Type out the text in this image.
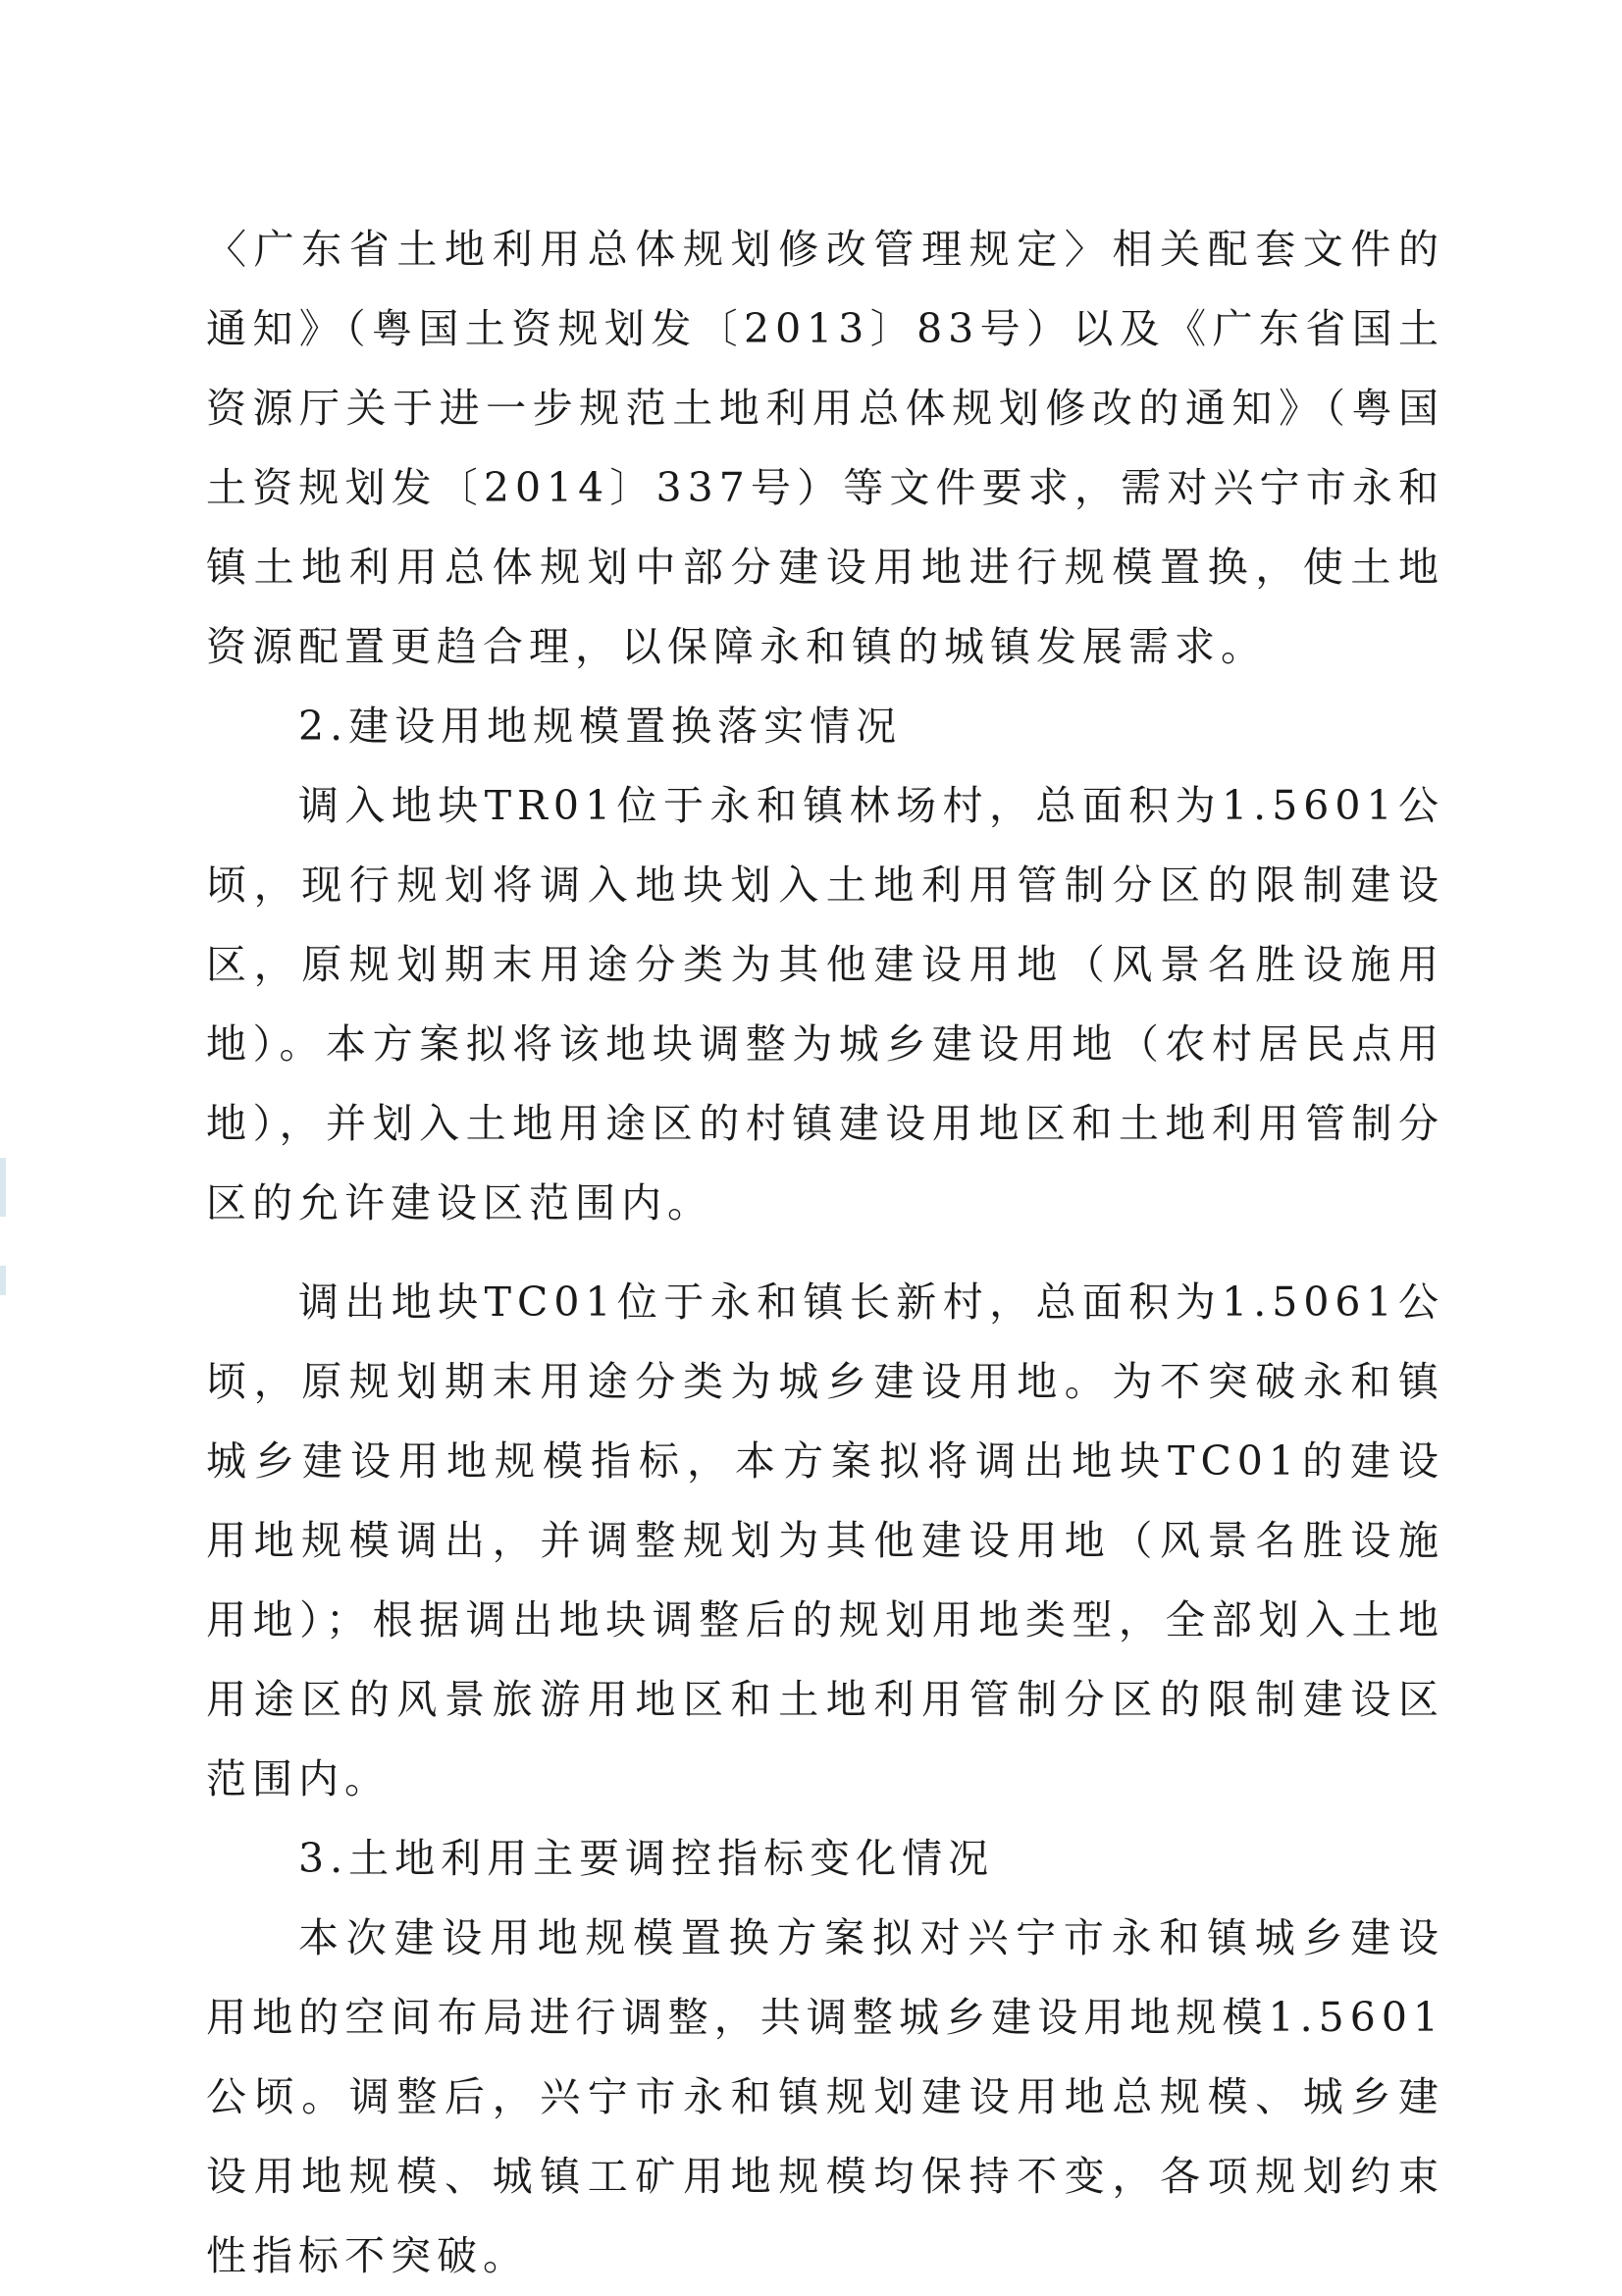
〈广东省土地利用总体规划修改管理规定〉相关配套文件的通知》（粤国土资规划发〔2013〕83号）以及《广东省国土资源厅关于进一步规范土地利用总体规划修改的通知》（粤国土资规划发〔2014〕337号）等文件要求，需对兴宁市永和镇土地利用总体规划中部分建设用地进行规模置换，使土地资源配置更趋合理，以保障永和镇的城镇发展需求。

2.建设用地规模置换落实情况

调入地块TR01位于永和镇林场村，总面积为1.5601公顷，现行规划将调入地块划入土地利用管制分区的限制建设区，原规划期末用途分类为其他建设用地（风景名胜设施用地）。本方案拟将该地块调整为城乡建设用地（农村居民点用地），并划入土地用途区的村镇建设用地区和土地利用管制分区的允许建设区范围内。

调出地块TC01位于永和镇长新村，总面积为1.5061公顷，原规划期末用途分类为城乡建设用地。为不突破永和镇城乡建设用地规模指标，本方案拟将调出地块TC01的建设用地规模调出，并调整规划为其他建设用地（风景名胜设施用地）；根据调出地块调整后的规划用地类型，全部划入土地用途区的风景旅游用地区和土地利用管制分区的限制建设区范围内。

3.土地利用主要调控指标变化情况

本次建设用地规模置换方案拟对兴宁市永和镇城乡建设用地的空间布局进行调整，共调整城乡建设用地规模1.5601公顷。调整后，兴宁市永和镇规划建设用地总规模、城乡建设用地规模、城镇工矿用地规模均保持不变，各项规划约束性指标不突破。
